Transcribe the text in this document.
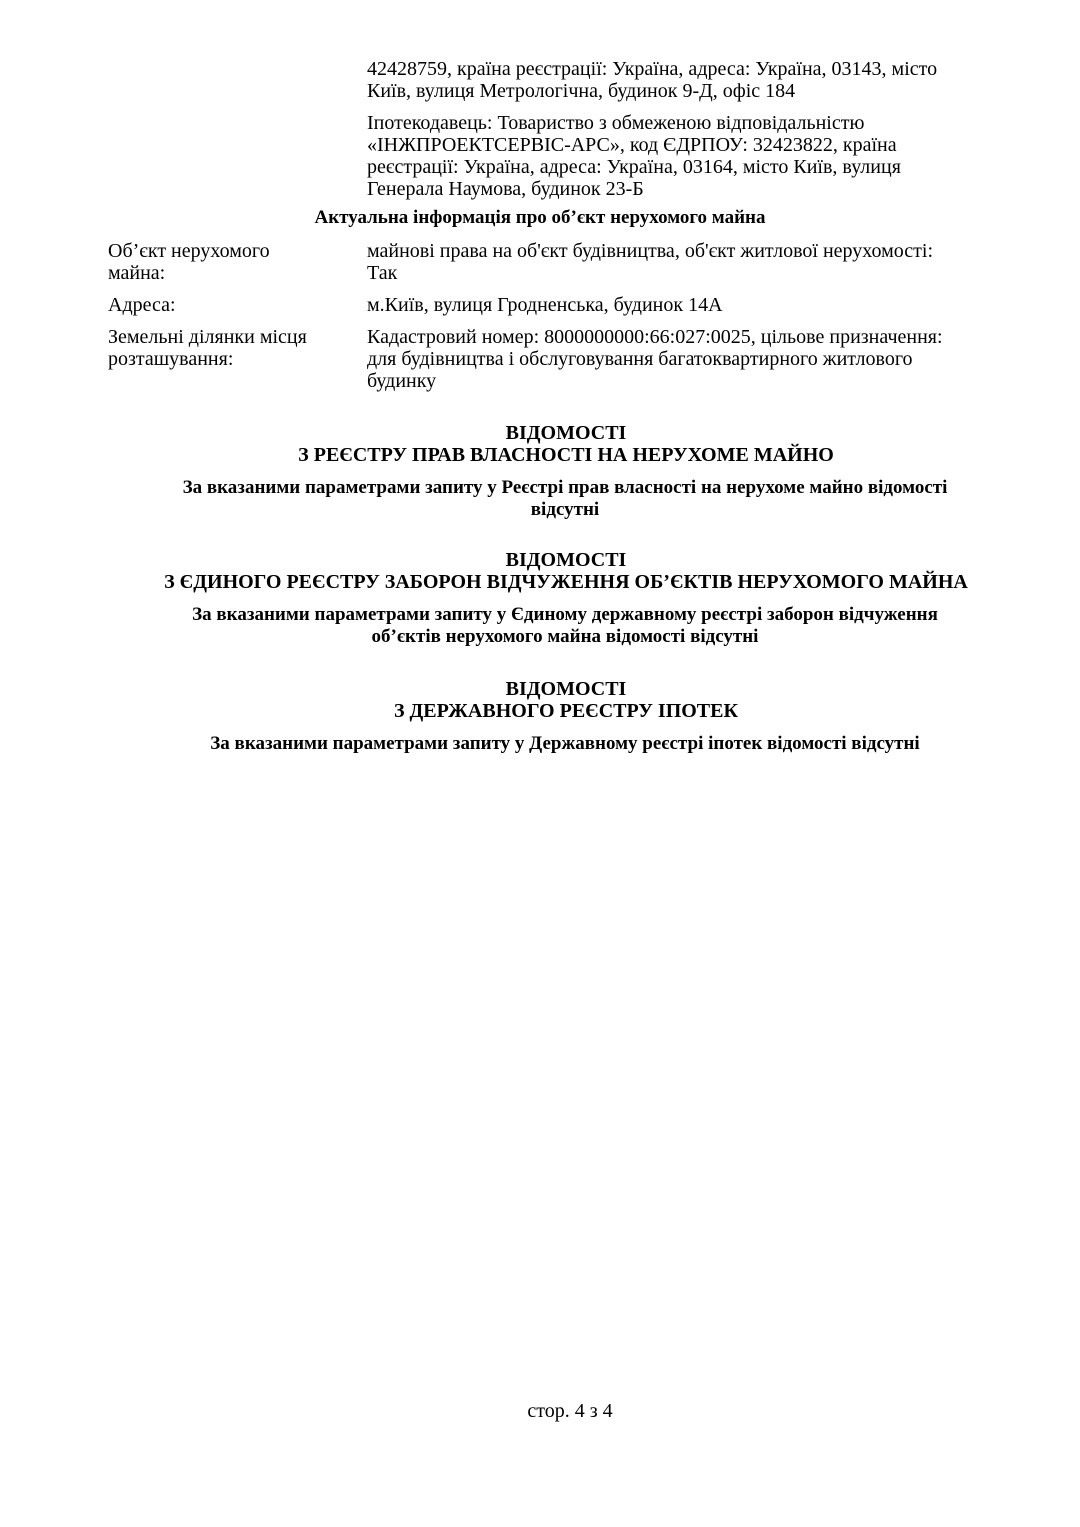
42428759, країна реєстрації: Україна, адреса: Україна, 03143, місто

Київ, вулиця Метрологічна, будинок 9-Д, офіс 184

Іпотекодавець: Товариство з обмеженою відповідальністю

«ІНЖПРОЕКТСЕРВІС-АРС», код ЄДРПОУ: 32423822, країна

реєстрації: Україна, адреса: Україна, 03164, місто Київ, вулиця

Генерала Наумова, будинок 23-Б

Актуальна інформація про об’єкт нерухомого майна
Об’єкт нерухомого
майна:
майнові права на об'єкт будівництва, об'єкт житлової нерухомості:
Так
Адреса:	м.Київ, вулиця Гродненська, будинок 14А
Земельні ділянки місця
розташування:
Кадастровий номер: 8000000000:66:027:0025, цільове призначення:
для будівництва і обслуговування багатоквартирного житлового
будинку
ВІДОМОСТІ
З РЕЄСТРУ ПРАВ ВЛАСНОСТІ НА НЕРУХОМЕ МАЙНО
За вказаними параметрами запиту у Реєстрі прав власності на нерухоме майно відомості
відсутні
ВІДОМОСТІ
З ЄДИНОГО РЕЄСТРУ ЗАБОРОН ВІДЧУЖЕННЯ ОБ’ЄКТІВ НЕРУХОМОГО МАЙНА
За вказаними параметрами запиту у Єдиному державному реєстрі заборон відчуження
об’єктів нерухомого майна відомості відсутні
ВІДОМОСТІ
З ДЕРЖАВНОГО РЕЄСТРУ ІПОТЕК
За вказаними параметрами запиту у Державному реєстрі іпотек відомості відсутні
стор. 4 з 4
